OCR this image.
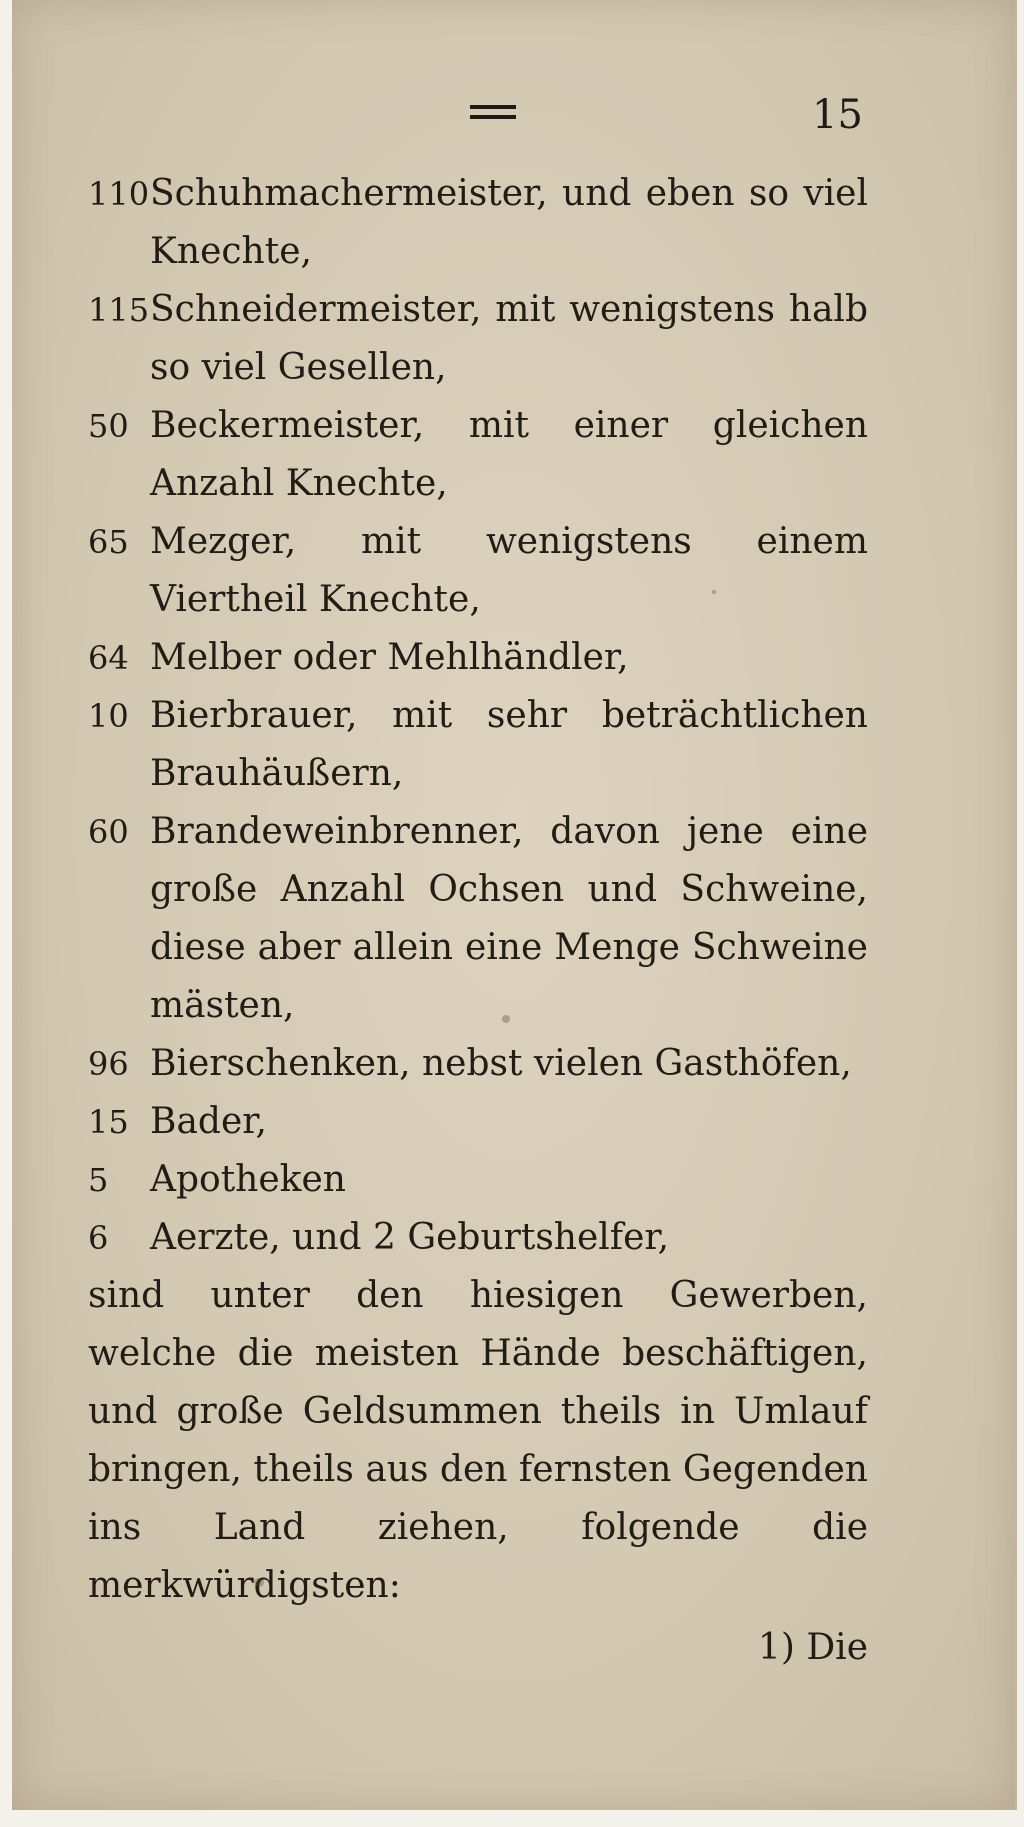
15
110 Schuhmachermeister, und eben so viel Knechte,
115 Schneidermeister, mit wenigstens halb so viel Gesellen,
50 Beckermeister, mit einer gleichen Anzahl Knechte,
65 Mezger, mit wenigstens einem Viertheil Knechte,
64 Melber oder Mehlhändler,
10 Bierbrauer, mit sehr beträchtlichen Brauhäußern,
60 Brandeweinbrenner, davon jene eine große Anzahl Ochsen und Schweine, diese aber allein eine Menge Schweine mästen,
96 Bierschenken, nebst vielen Gasthöfen,
15 Bader,
5	Apotheken
6	Aerzte, und 2 Geburtshelfer,

sind unter den hiesigen Gewerben, welche die meisten Hände beschäftigen, und große Geldsummen theils in Umlauf bringen, theils aus den fernsten Gegenden ins Land ziehen, folgende die merkwürdigsten:

1) Die
